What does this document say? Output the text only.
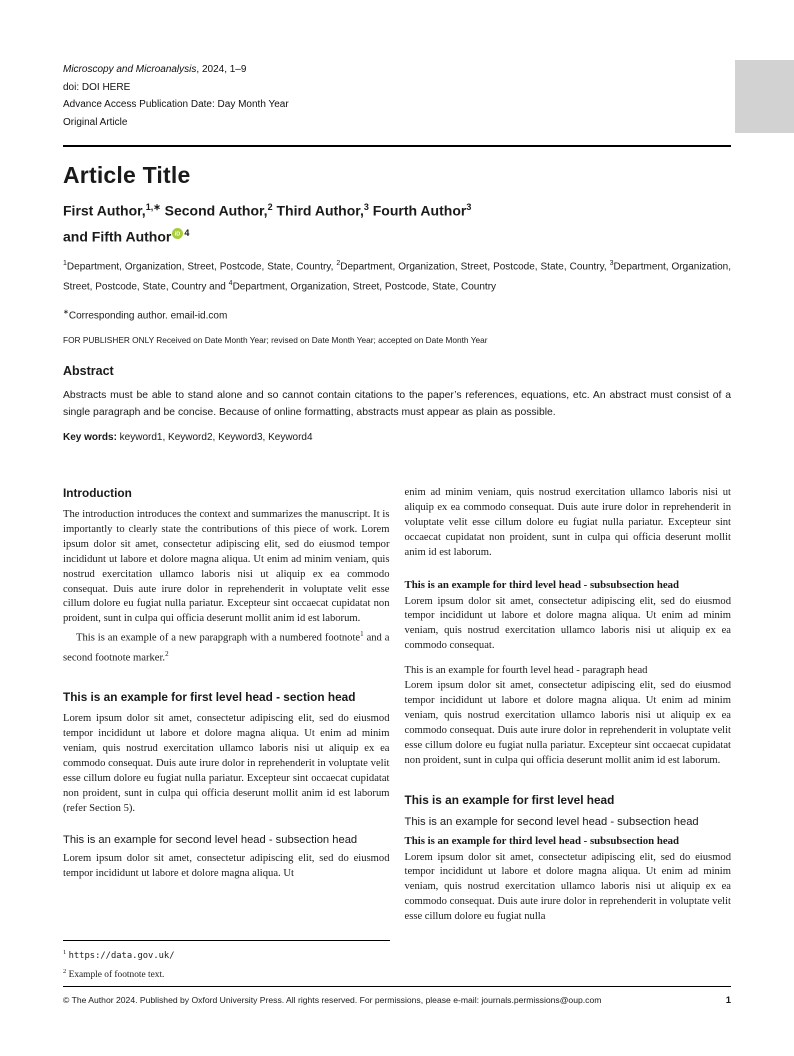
Microscopy and Microanalysis, 2024, 1–9
doi: DOI HERE
Advance Access Publication Date: Day Month Year
Original Article
Article Title
First Author,$^{1,∗}$ Second Author,$^2$ Third Author,$^3$ Fourth Author$^3$
and Fifth Author iD $^4$

$^1$Department, Organization, Street, Postcode, State, Country, $^2$Department, Organization, Street, Postcode, State, Country, $^3$Department, Organization, Street, Postcode, State, Country and $^4$Department, Organization, Street, Postcode, State, Country

∗Corresponding author. email-id.com

FOR PUBLISHER ONLY Received on Date Month Year; revised on Date Month Year; accepted on Date Month Year

Abstract

Abstracts must be able to stand alone and so cannot contain citations to the paper’s references, equations, etc. An abstract must consist of a single paragraph and be concise. Because of online formatting, abstracts must appear as plain as possible.

Key words: keyword1, Keyword2, Keyword3, Keyword4

Introduction

The introduction introduces the context and summarizes the manuscript. It is importantly to clearly state the contributions of this piece of work. Lorem ipsum dolor sit amet, consectetur adipiscing elit, sed do eiusmod tempor incididunt ut labore et dolore magna aliqua. Ut enim ad minim veniam, quis nostrud exercitation ullamco laboris nisi ut aliquip ex ea commodo consequat. Duis aute irure dolor in reprehenderit in voluptate velit esse cillum dolore eu fugiat nulla pariatur. Excepteur sint occaecat cupidatat non proident, sunt in culpa qui officia deserunt mollit anim id est laborum.

This is an example of a new parapgraph with a numbered footnote$^1$ and a second footnote marker.$^2$

This is an example for first level head - section head

Lorem ipsum dolor sit amet, consectetur adipiscing elit, sed do eiusmod tempor incididunt ut labore et dolore magna aliqua. Ut enim ad minim veniam, quis nostrud exercitation ullamco laboris nisi ut aliquip ex ea commodo consequat. Duis aute irure dolor in reprehenderit in voluptate velit esse cillum dolore eu fugiat nulla pariatur. Excepteur sint occaecat cupidatat non proident, sunt in culpa qui officia deserunt mollit anim id est laborum (refer Section 5).

This is an example for second level head - subsection head

Lorem ipsum dolor sit amet, consectetur adipiscing elit, sed do eiusmod tempor incididunt ut labore et dolore magna aliqua. Ut

$^1$ https://data.gov.uk/
$^2$ Example of footnote text.

enim ad minim veniam, quis nostrud exercitation ullamco laboris nisi ut aliquip ex ea commodo consequat. Duis aute irure dolor in reprehenderit in voluptate velit esse cillum dolore eu fugiat nulla pariatur. Excepteur sint occaecat cupidatat non proident, sunt in culpa qui officia deserunt mollit anim id est laborum.

This is an example for third level head - subsubsection head

Lorem ipsum dolor sit amet, consectetur adipiscing elit, sed do eiusmod tempor incididunt ut labore et dolore magna aliqua. Ut enim ad minim veniam, quis nostrud exercitation ullamco laboris nisi ut aliquip ex ea commodo consequat.

This is an example for fourth level head - paragraph head

Lorem ipsum dolor sit amet, consectetur adipiscing elit, sed do eiusmod tempor incididunt ut labore et dolore magna aliqua. Ut enim ad minim veniam, quis nostrud exercitation ullamco laboris nisi ut aliquip ex ea commodo consequat. Duis aute irure dolor in reprehenderit in voluptate velit esse cillum dolore eu fugiat nulla pariatur. Excepteur sint occaecat cupidatat non proident, sunt in culpa qui officia deserunt mollit anim id est laborum.

This is an example for first level head
This is an example for second level head - subsection head
This is an example for third level head - subsubsection head

Lorem ipsum dolor sit amet, consectetur adipiscing elit, sed do eiusmod tempor incididunt ut labore et dolore magna aliqua. Ut enim ad minim veniam, quis nostrud exercitation ullamco laboris nisi ut aliquip ex ea commodo consequat. Duis aute irure dolor in reprehenderit in voluptate velit esse cillum dolore eu fugiat nulla

© The Author 2024. Published by Oxford University Press. All rights reserved. For permissions, please e-mail: journals.permissions@oup.com	1
